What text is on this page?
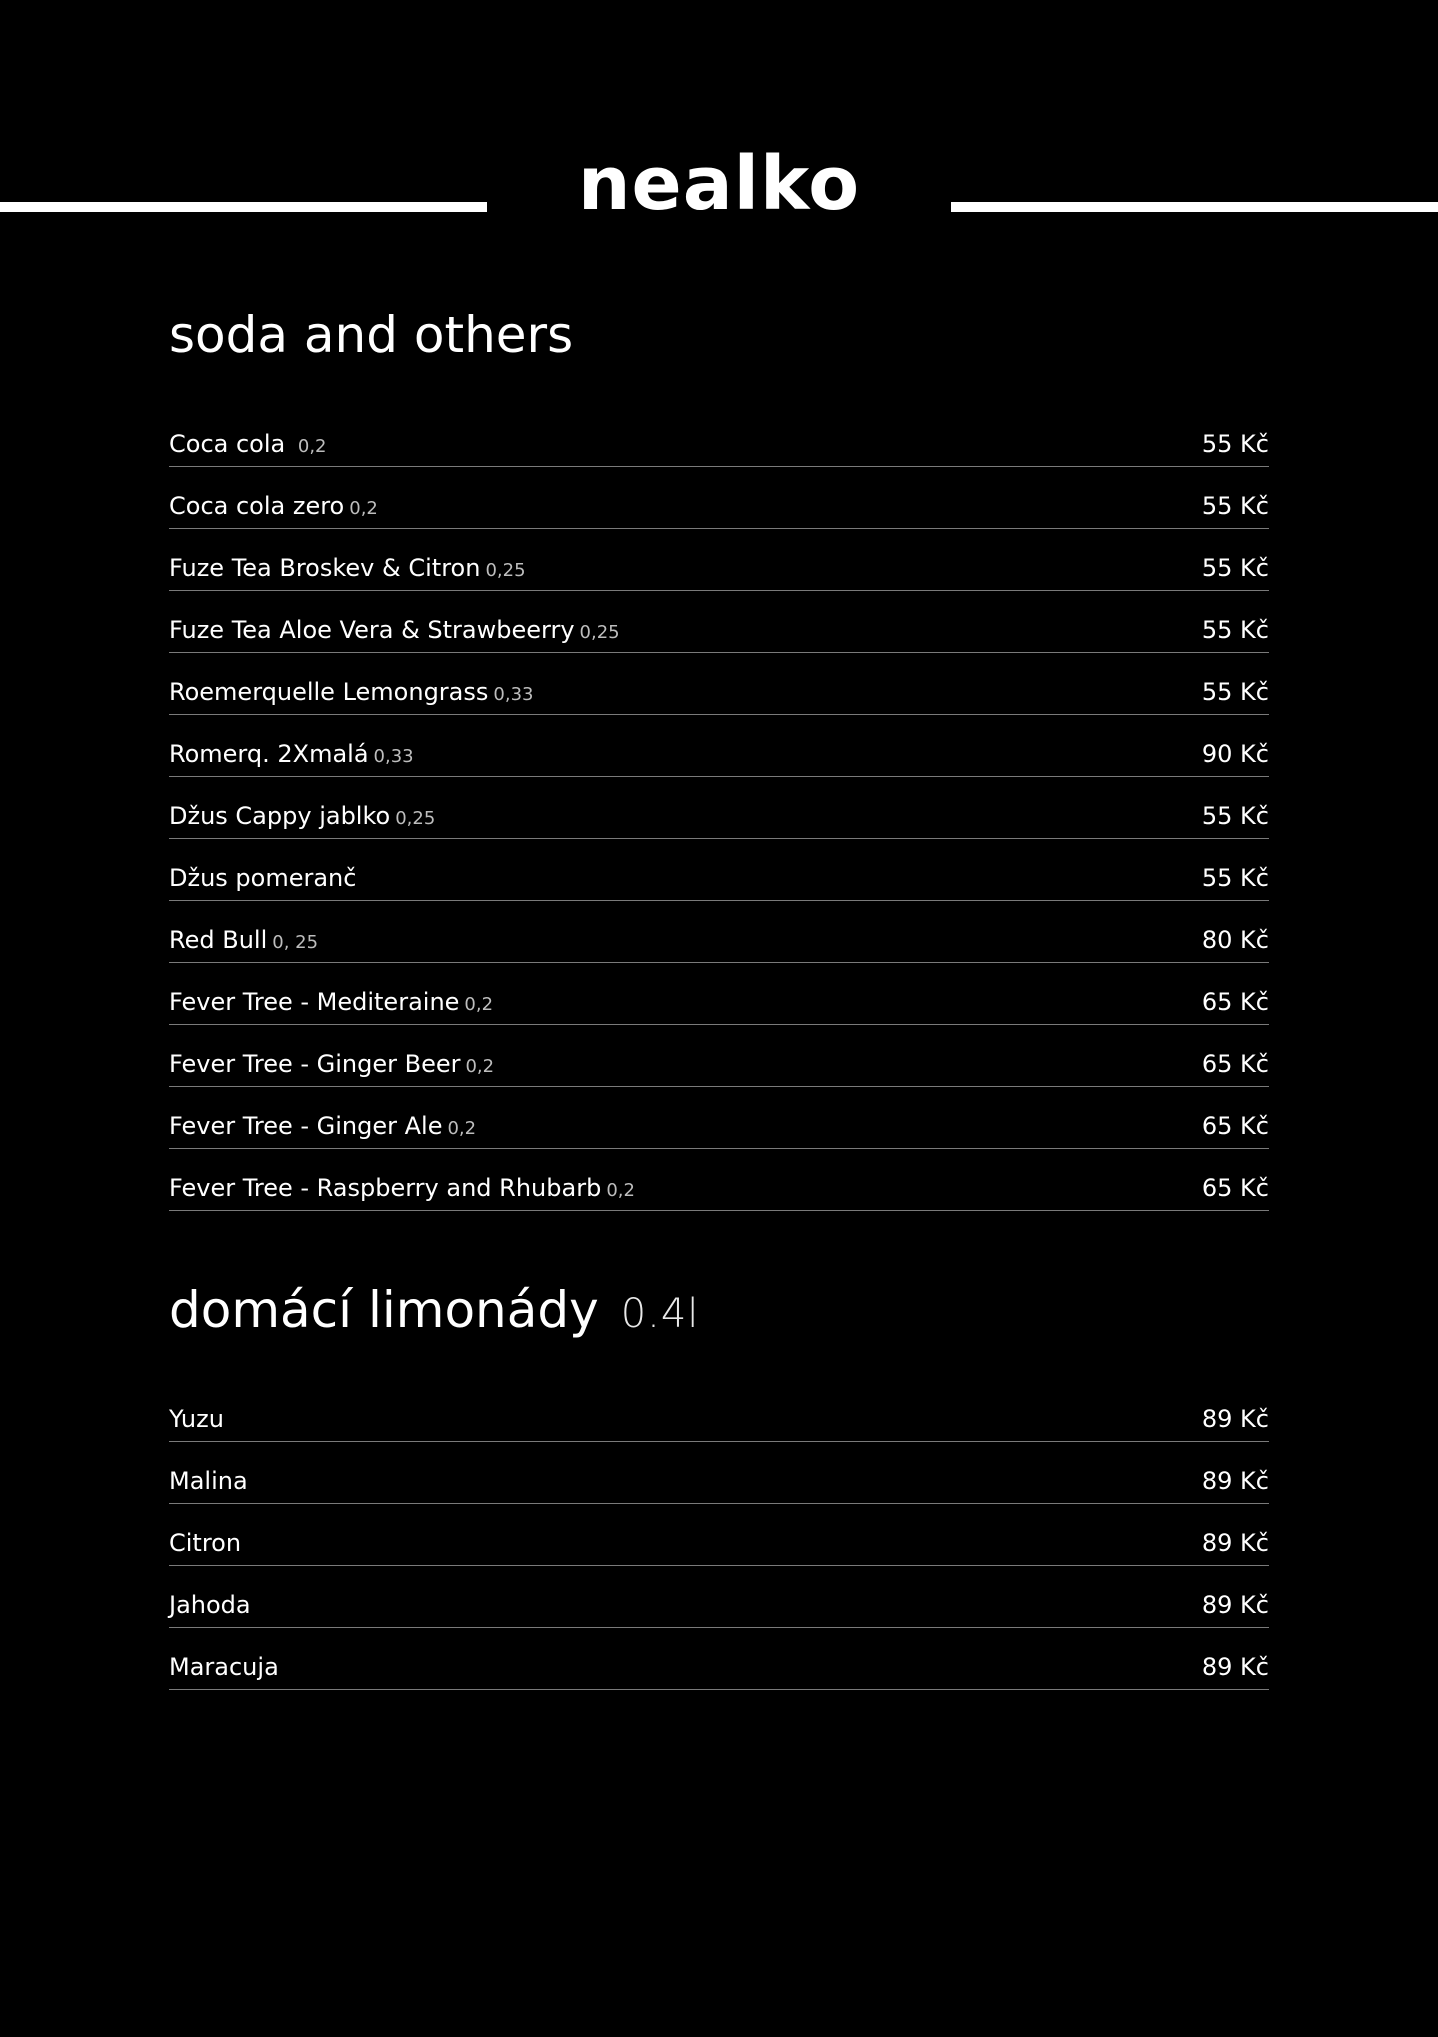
nealko
soda and others
Coca cola 0,2	55 Kč
Coca cola zero 0,2	55 Kč
Fuze Tea Broskev & Citron 0,25	55 Kč
Fuze Tea Aloe Vera & Strawbeerry 0,25	55 Kč
Roemerquelle Lemongrass 0,33	55 Kč
Romerq. 2Xmalá 0,33	90 Kč
Džus Cappy jablko 0,25	55 Kč
Džus pomeranč	55 Kč
Red Bull 0, 25	80 Kč
Fever Tree - Mediteraine 0,2	65 Kč
Fever Tree - Ginger Beer 0,2	65 Kč
Fever Tree - Ginger Ale 0,2	65 Kč
Fever Tree - Raspberry and Rhubarb 0,2	65 Kč
domácí limonády 0.4l
Yuzu	89 Kč
Malina	89 Kč
Citron	89 Kč
Jahoda	89 Kč
Maracuja	89 Kč
